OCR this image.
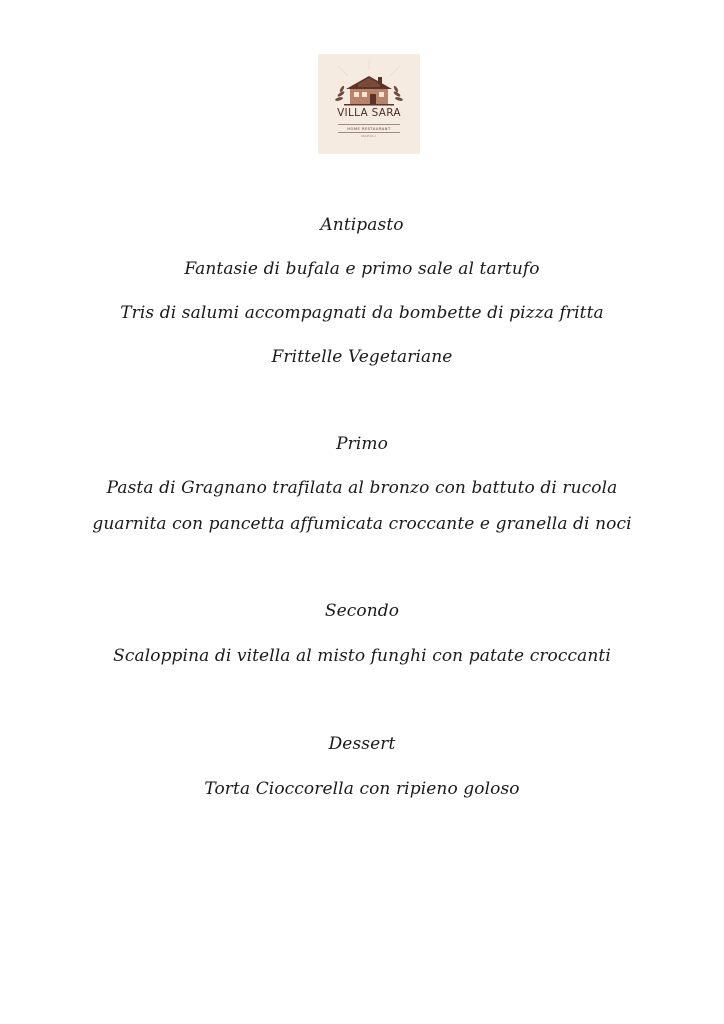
VILLA SARA
HOME RESTAURANT
NAPOLI
Antipasto
Fantasie di bufala e primo sale al tartufo
Tris di salumi accompagnati da bombette di pizza fritta
Frittelle Vegetariane
Primo
Pasta di Gragnano trafilata al bronzo con battuto di rucola
guarnita con pancetta affumicata croccante e granella di noci
Secondo
Scaloppina di vitella al misto funghi con patate croccanti
Dessert
Torta Cioccorella con ripieno goloso
